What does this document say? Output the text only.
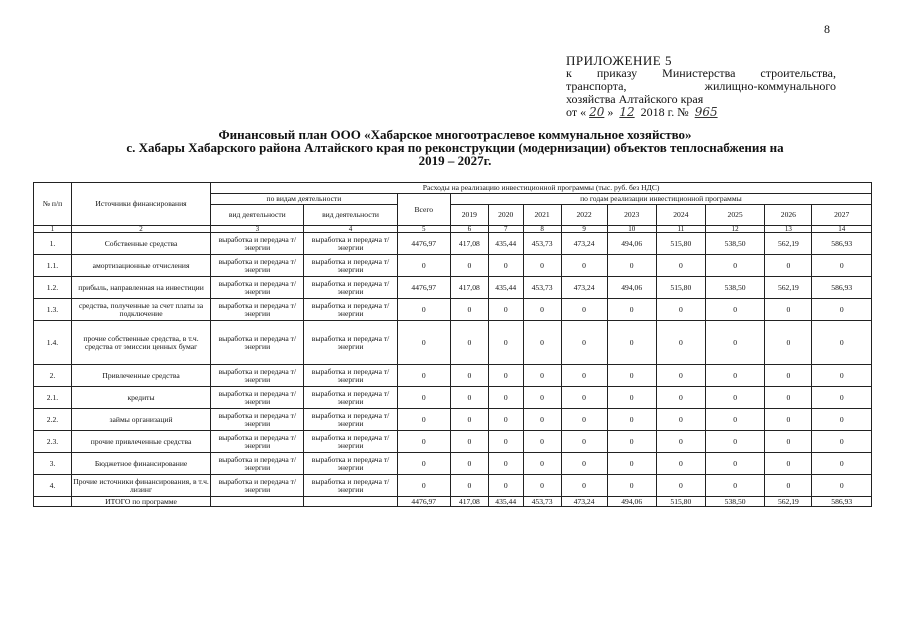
8
ПРИЛОЖЕНИЕ 5
к приказу Министерства строительства,
транспорта, жилищно-коммунального
хозяйства Алтайского края
от « 20 » 12 2018 г. № 965
Финансовый план ООО «Хабарское многоотраслевое коммунальное хозяйство»
с. Хабары Хабарского района Алтайского края по реконструкции (модернизации) объектов теплоснабжения на
2019 – 2027г.
№ п/п	Источники финансирования	Расходы на реализацию инвестиционной программы (тыс. руб. без НДС)											
		по видам деятельности		Всего	по годам реализации инвестиционной программы								
		вид деятельности	вид деятельности		2019	2020	2021	2022	2023	2024	2025	2026	2027
1	2	3	4	5	6	7	8	9	10	11	12	13	14
1.	Собственные средства	выработка и передача т/энергии	выработка и передача т/энергии	4476,97	417,08	435,44	453,73	473,24	494,06	515,80	538,50	562,19	586,93
1.1.	амортизационные отчисления	выработка и передача т/энергии	выработка и передача т/энергии	0	0	0	0	0	0	0	0	0	0
1.2.	прибыль, направленная на инвестиции	выработка и передача т/энергии	выработка и передача т/энергии	4476,97	417,08	435,44	453,73	473,24	494,06	515,80	538,50	562,19	586,93
1.3.	средства, полученные за счет платы за подключение	выработка и передача т/энергии	выработка и передача т/энергии	0	0	0	0	0	0	0	0	0	0
1.4.	прочие собственные средства, в т.ч. средства от эмиссии ценных бумаг	выработка и передача т/энергии	выработка и передача т/энергии	0	0	0	0	0	0	0	0	0	0
2.	Привлеченные средства	выработка и передача т/энергии	выработка и передача т/энергии	0	0	0	0	0	0	0	0	0	0
2.1.	кредиты	выработка и передача т/энергии	выработка и передача т/энергии	0	0	0	0	0	0	0	0	0	0
2.2.	займы организаций	выработка и передача т/энергии	выработка и передача т/энергии	0	0	0	0	0	0	0	0	0	0
2.3.	прочие привлеченные средства	выработка и передача т/энергии	выработка и передача т/энергии	0	0	0	0	0	0	0	0	0	0
3.	Бюджетное финансирование	выработка и передача т/энергии	выработка и передача т/энергии	0	0	0	0	0	0	0	0	0	0
4.	Прочие источники финансирования, в т.ч. лизинг	выработка и передача т/энергии	выработка и передача т/энергии	0	0	0	0	0	0	0	0	0	0
	ИТОГО по программе			4476,97	417,08	435,44	453,73	473,24	494,06	515,80	538,50	562,19	586,93
